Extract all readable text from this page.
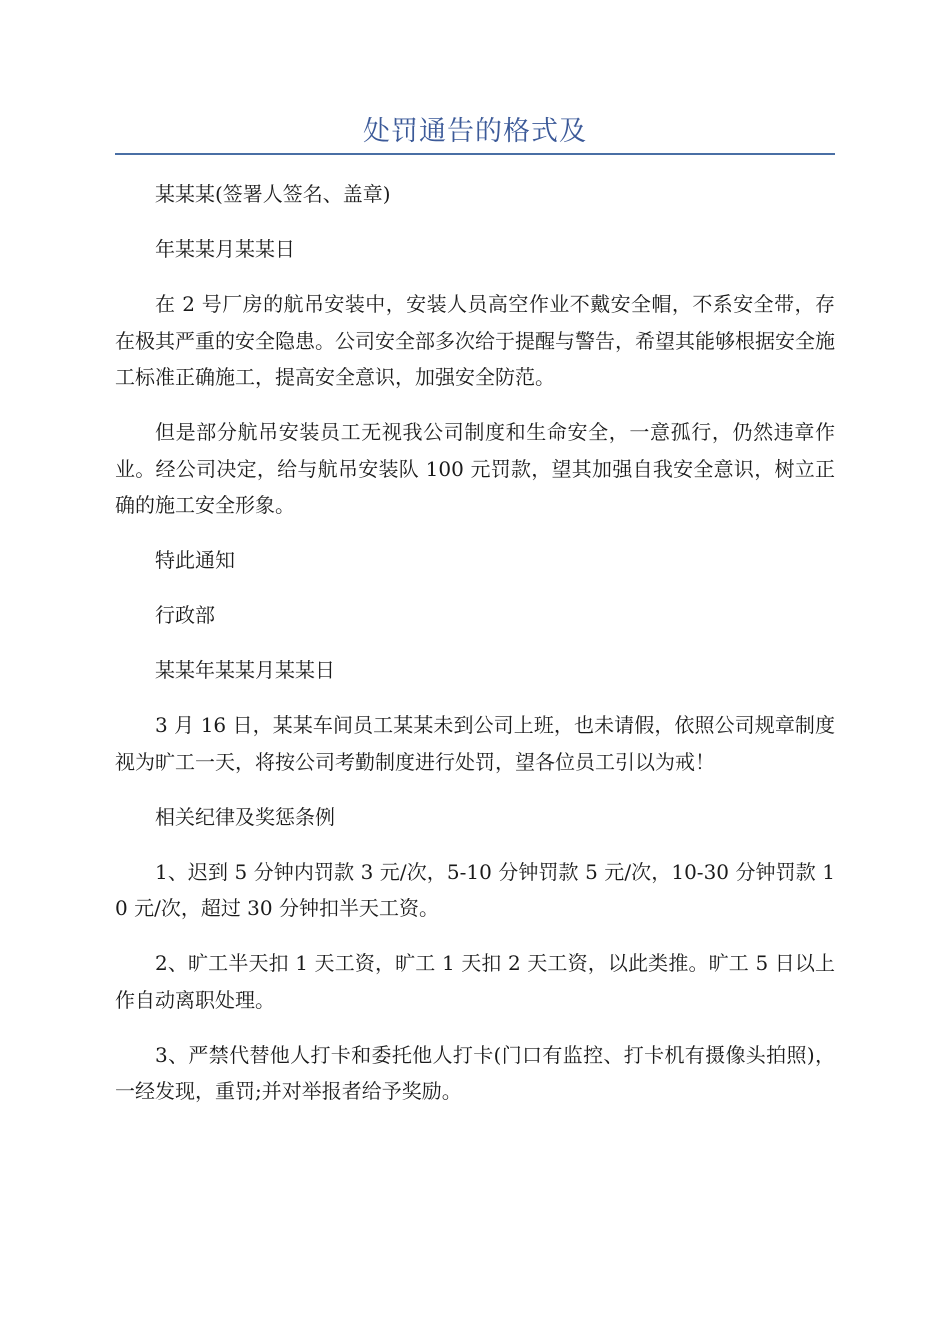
处罚通告的格式及

某某某(签署人签名、盖章)

年某某月某某日

在 2 号厂房的航吊安装中，安装人员高空作业不戴安全帽，不系安全带，存在极其严重的安全隐患。公司安全部多次给于提醒与警告，希望其能够根据安全施工标准正确施工，提高安全意识，加强安全防范。

但是部分航吊安装员工无视我公司制度和生命安全，一意孤行，仍然违章作业。经公司决定，给与航吊安装队 100 元罚款，望其加强自我安全意识，树立正确的施工安全形象。

特此通知

行政部

某某年某某月某某日

3 月 16 日，某某车间员工某某未到公司上班，也未请假，依照公司规章制度视为旷工一天，将按公司考勤制度进行处罚，望各位员工引以为戒！

相关纪律及奖惩条例

1、迟到 5 分钟内罚款 3 元/次，5-10 分钟罚款 5 元/次，10-30 分钟罚款 10 元/次，超过 30 分钟扣半天工资。

2、旷工半天扣 1 天工资，旷工 1 天扣 2 天工资，以此类推。旷工 5 日以上作自动离职处理。

3、严禁代替他人打卡和委托他人打卡(门口有监控、打卡机有摄像头拍照)，一经发现，重罚;并对举报者给予奖励。
